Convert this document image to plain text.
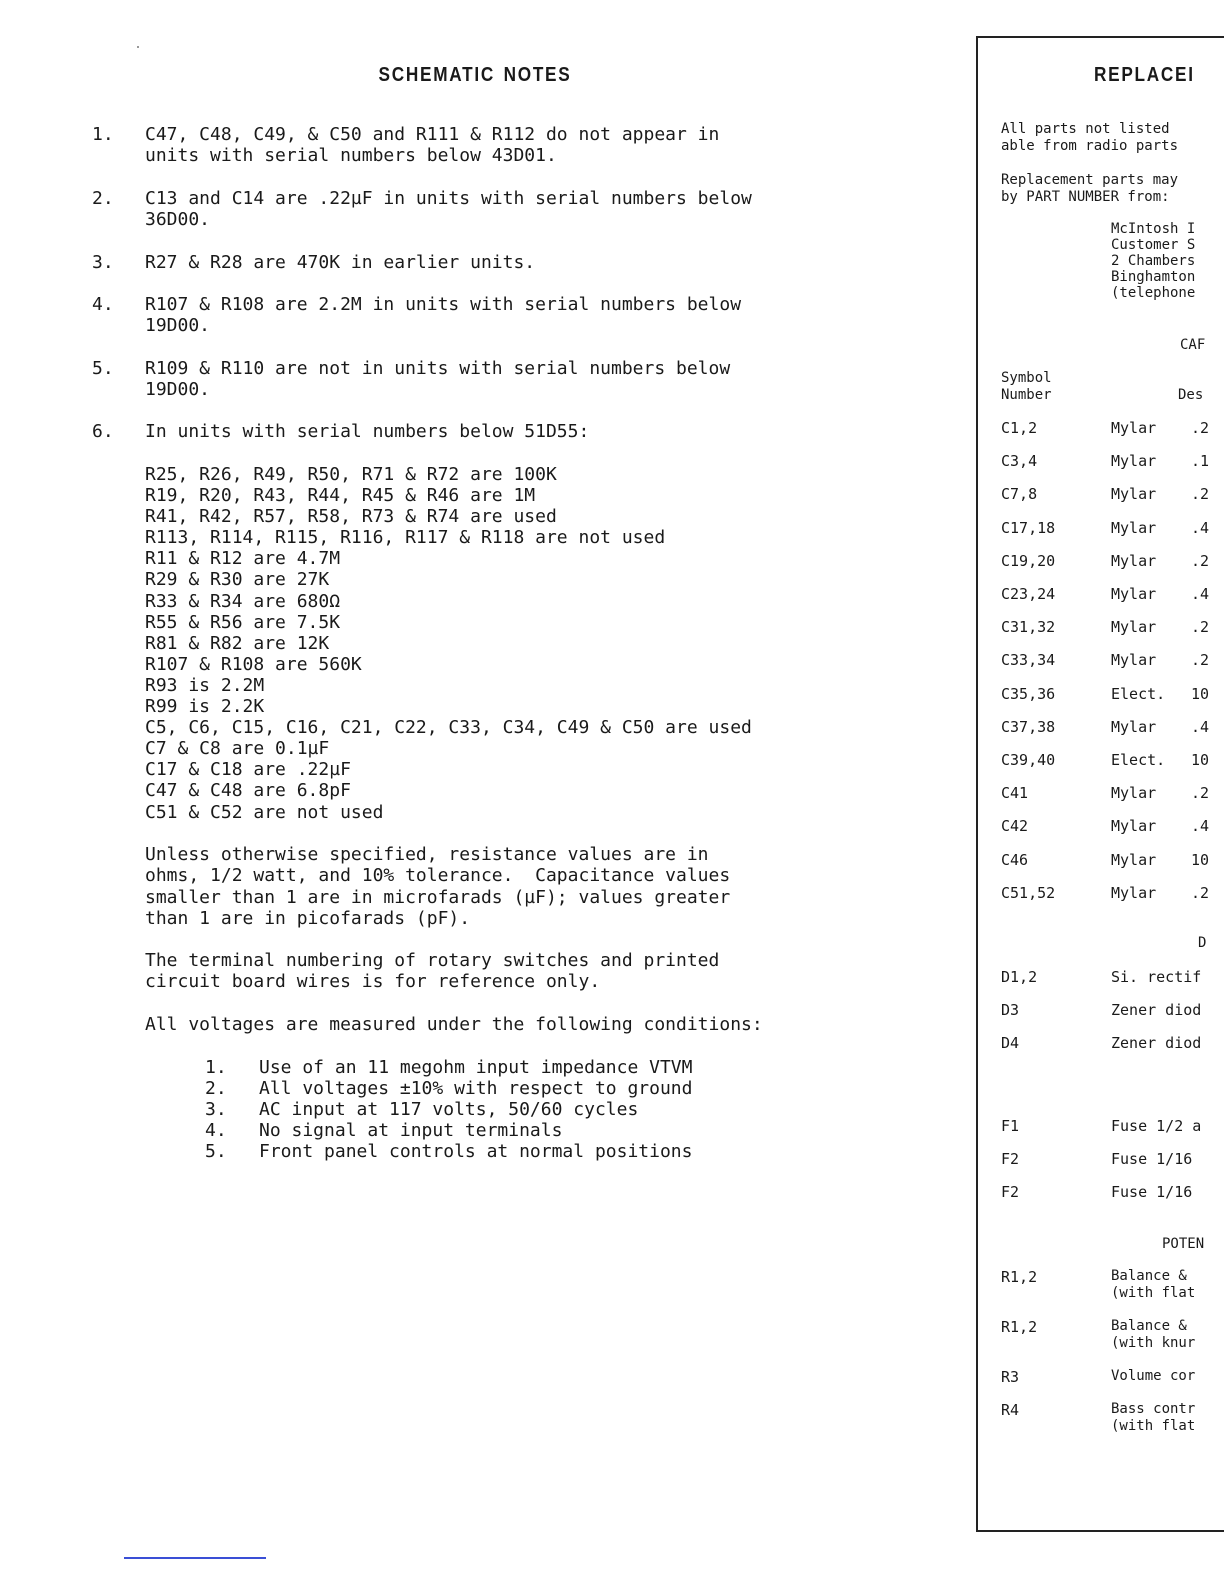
SCHEMATIC NOTES
1. C47, C48, C49, & C50 and R111 & R112 do not appear in
units with serial numbers below 43D01.
2. C13 and C14 are .22µF in units with serial numbers below
36D00.
3. R27 & R28 are 470K in earlier units.
4. R107 & R108 are 2.2M in units with serial numbers below
19D00.
5. R109 & R110 are not in units with serial numbers below
19D00.
6. In units with serial numbers below 51D55:
R25, R26, R49, R50, R71 & R72 are 100K
R19, R20, R43, R44, R45 & R46 are 1M
R41, R42, R57, R58, R73 & R74 are used
R113, R114, R115, R116, R117 & R118 are not used
R11 & R12 are 4.7M
R29 & R30 are 27K
R33 & R34 are 680Ω
R55 & R56 are 7.5K
R81 & R82 are 12K
R107 & R108 are 560K
R93 is 2.2M
R99 is 2.2K
C5, C6, C15, C16, C21, C22, C33, C34, C49 & C50 are used
C7 & C8 are 0.1µF
C17 & C18 are .22µF
C47 & C48 are 6.8pF
C51 & C52 are not used
Unless otherwise specified, resistance values are in
ohms, 1/2 watt, and 10% tolerance.  Capacitance values
smaller than 1 are in microfarads (µF); values greater
than 1 are in picofarads (pF).
The terminal numbering of rotary switches and printed
circuit board wires is for reference only.
All voltages are measured under the following conditions:
1.	Use of an 11 megohm input impedance VTVM
2.	All voltages ±10% with respect to ground
3.	AC input at 117 volts, 50/60 cycles
4.	No signal at input terminals
5.	Front panel controls at normal positions
REPLACEI
All parts not listed
able from radio parts
Replacement parts may
by PART NUMBER from:
McIntosh I
Customer S
2 Chambers
Binghamton
(telephone
CAF
Symbol
Number	Des
C1,2	Mylar	.2
C3,4	Mylar	.1
C7,8	Mylar	.2
C17,18	Mylar	.4
C19,20	Mylar	.2
C23,24	Mylar	.4
C31,32	Mylar	.2
C33,34	Mylar	.2
C35,36	Elect.	10
C37,38	Mylar	.4
C39,40	Elect.	10
C41	Mylar	.2
C42	Mylar	.4
C46	Mylar	10
C51,52	Mylar	.2
D1,2	Si. rectif
D3	Zener diod
D4	Zener diod
F1	Fuse 1/2 a
F2	Fuse 1/16
F2	Fuse 1/16
R1,2	Balance &
(with flat
R1,2	Balance &
(with knur
R3	Volume cor
R4	Bass contr
(with flat
D
POTEN
